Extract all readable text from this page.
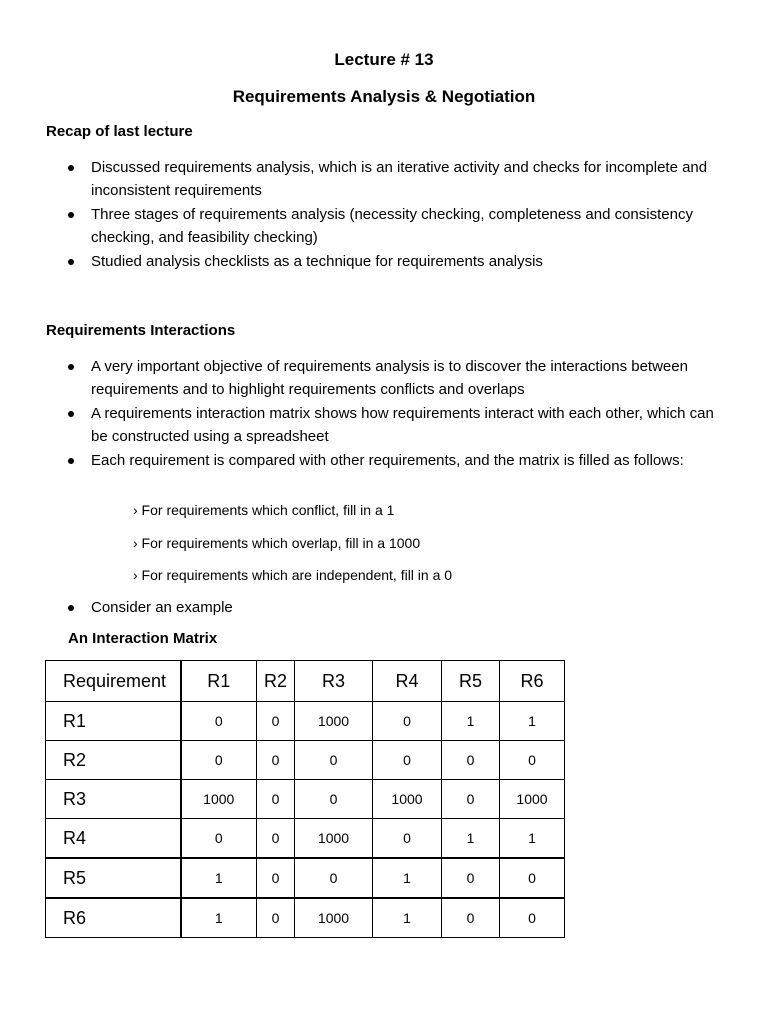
Lecture # 13
Requirements Analysis & Negotiation
Recap of last lecture
Discussed requirements analysis, which is an iterative activity and checks for incomplete and inconsistent requirements
Three stages of requirements analysis (necessity checking, completeness and consistency checking, and feasibility checking)
Studied analysis checklists as a technique for requirements analysis
Requirements Interactions
A very important objective of requirements analysis is to discover the interactions between requirements and to highlight requirements conflicts and overlaps
A requirements interaction matrix shows how requirements interact with each other, which can be constructed using a spreadsheet
Each requirement is compared with other requirements, and the matrix is filled as follows:
› For requirements which conflict, fill in a 1
› For requirements which overlap, fill in a 1000
› For requirements which are independent, fill in a 0
Consider an example
An Interaction Matrix
Requirement	R1	R2	R3	R4	R5	R6
R1	0	0	1000	0	1	1
R2	0	0	0	0	0	0
R3	1000	0	0	1000	0	1000
R4	0	0	1000	0	1	1
R5	1	0	0	1	0	0
R6	1	0	1000	1	0	0
